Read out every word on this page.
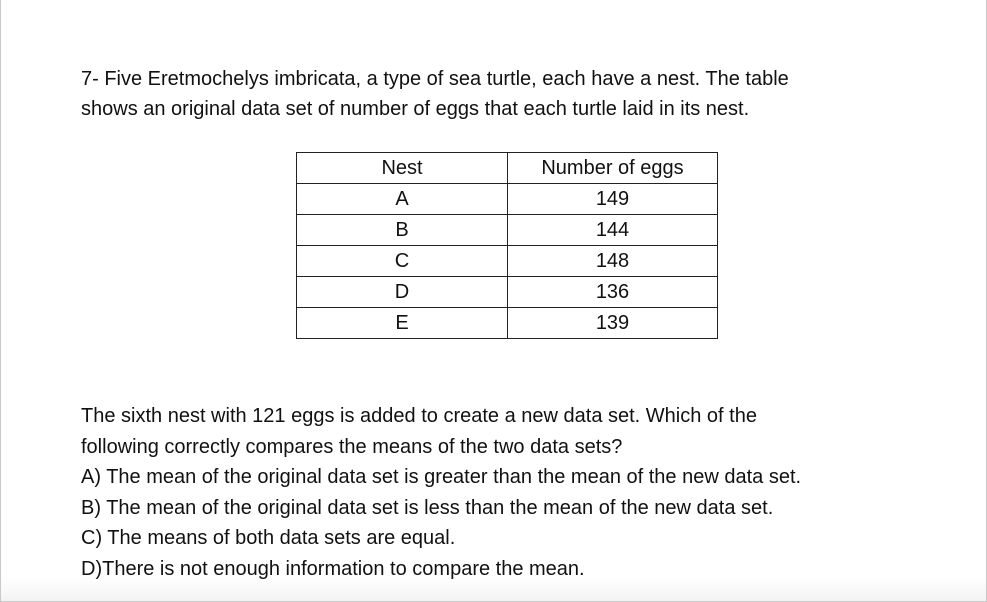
7- Five Eretmochelys imbricata, a type of sea turtle, each have a nest. The table
shows an original data set of number of eggs that each turtle laid in its nest.
Nest	Number of eggs
A	149
B	144
C	148
D	136
E	139
The sixth nest with 121 eggs is added to create a new data set. Which of the
following correctly compares the means of the two data sets?
A) The mean of the original data set is greater than the mean of the new data set.
B) The mean of the original data set is less than the mean of the new data set.
C) The means of both data sets are equal.
D)There is not enough information to compare the mean.
